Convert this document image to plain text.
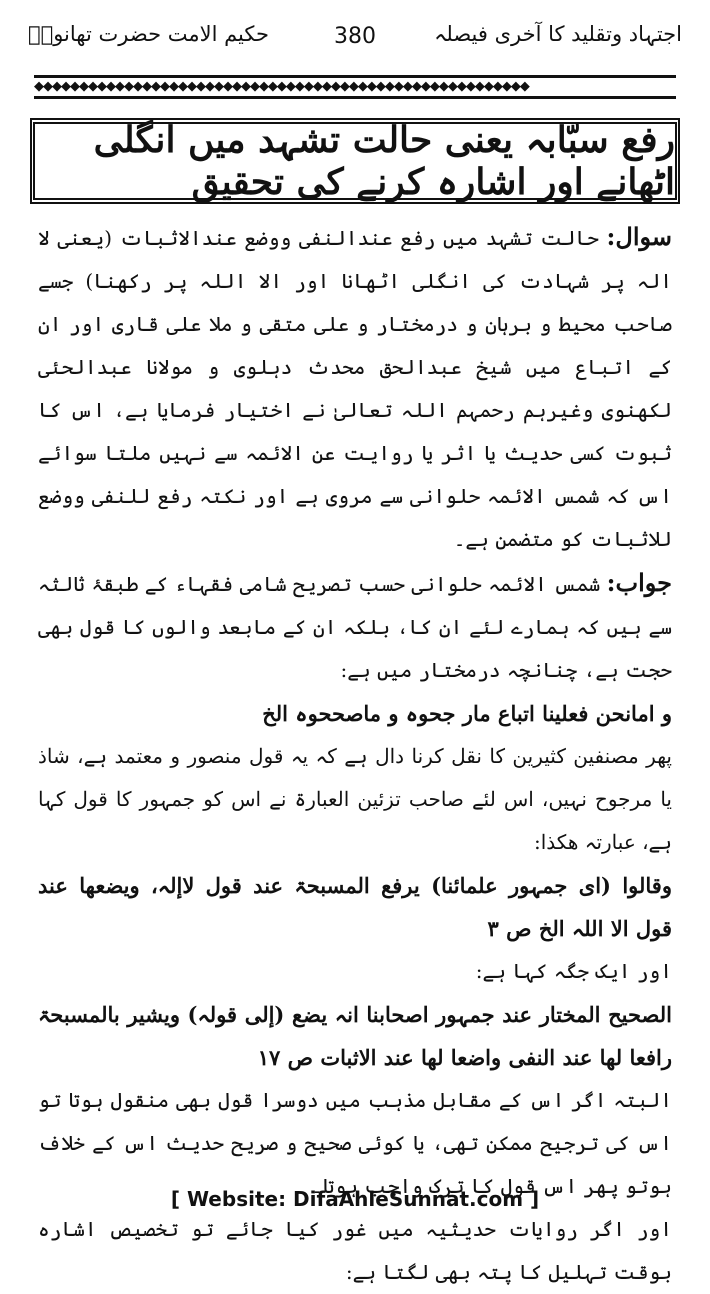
اجتہاد وتقلید کا آخری فیصلہ
380
حکیم الامت حضرت تھانویؒ
◆◆◆◆◆◆◆◆◆◆◆◆◆◆◆◆◆◆◆◆◆◆◆◆◆◆◆◆◆◆◆◆◆◆◆◆◆◆◆◆◆◆◆◆◆◆◆◆◆◆◆◆◆◆◆
رفع سبّابہ یعنی حالت تشہد میں انگلی اٹھانے اور اشارہ کرنے کی تحقیق

سوال: حالت تشہد میں رفع عندالنفی ووضع عندالاثبات (یعنی لا الہ پر شہادت کی انگلی اٹھانا اور الا اللہ پر رکھنا) جسے صاحب محیط و برہان و درمختار و علی متقی و ملا علی قاری اور ان کے اتباع میں شیخ عبدالحق محدث دہلوی و مولانا عبدالحئی لکھنوی وغیرہم رحمہم اللہ تعالیٰ نے اختیار فرمایا ہے، اس کا ثبوت کسی حدیث یا اثر یا روایت عن الائمہ سے نہیں ملتا سوائے اس کہ شمس الائمہ حلوانی سے مروی ہے اور نکتہ رفع للنفی ووضع للاثبات کو متضمن ہے۔

جواب: شمس الائمہ حلوانی حسب تصریح شامی فقہاء کے طبقۂ ثالثہ سے ہیں کہ ہمارے لئے ان کا، بلکہ ان کے مابعد والوں کا قول بھی حجت ہے، چنانچہ درمختار میں ہے:

و امانحن فعلینا اتباع مار جحوہ و ماصححوہ الخ

پھر مصنفین کثیرین کا نقل کرنا دال ہے کہ یہ قول منصور و معتمد ہے، شاذ یا مرجوح نہیں، اس لئے صاحب تزئین العبارۃ نے اس کو جمہور کا قول کہا ہے، عبارتہ ھکذا:

وقالوا (ای جمہور علمائنا) یرفع المسبحۃ عند قول لاإلہ، ویضعھا عند قول الا اللہ الخ ص ۳

اور ایک جگہ کہا ہے:

الصحیح المختار عند جمہور اصحابنا انہ یضع (إلی قولہ) ویشیر بالمسبحۃ رافعا لھا عند النفی واضعا لھا عند الاثبات ص ۱۷

البتہ اگر اس کے مقابل مذہب میں دوسرا قول بھی منقول ہوتا تو اس کی ترجیح ممکن تھی، یا کوئی صحیح و صریح حدیث اس کے خلاف ہوتو پھر اس قول کا ترک واجب ہوتا۔

اور اگر روایات حدیثیہ میں غور کیا جائے تو تخصیص اشارہ بوقت تہلیل کا پتہ بھی لگتا ہے:

[ Website: DifaAhleSunnat.com ]
